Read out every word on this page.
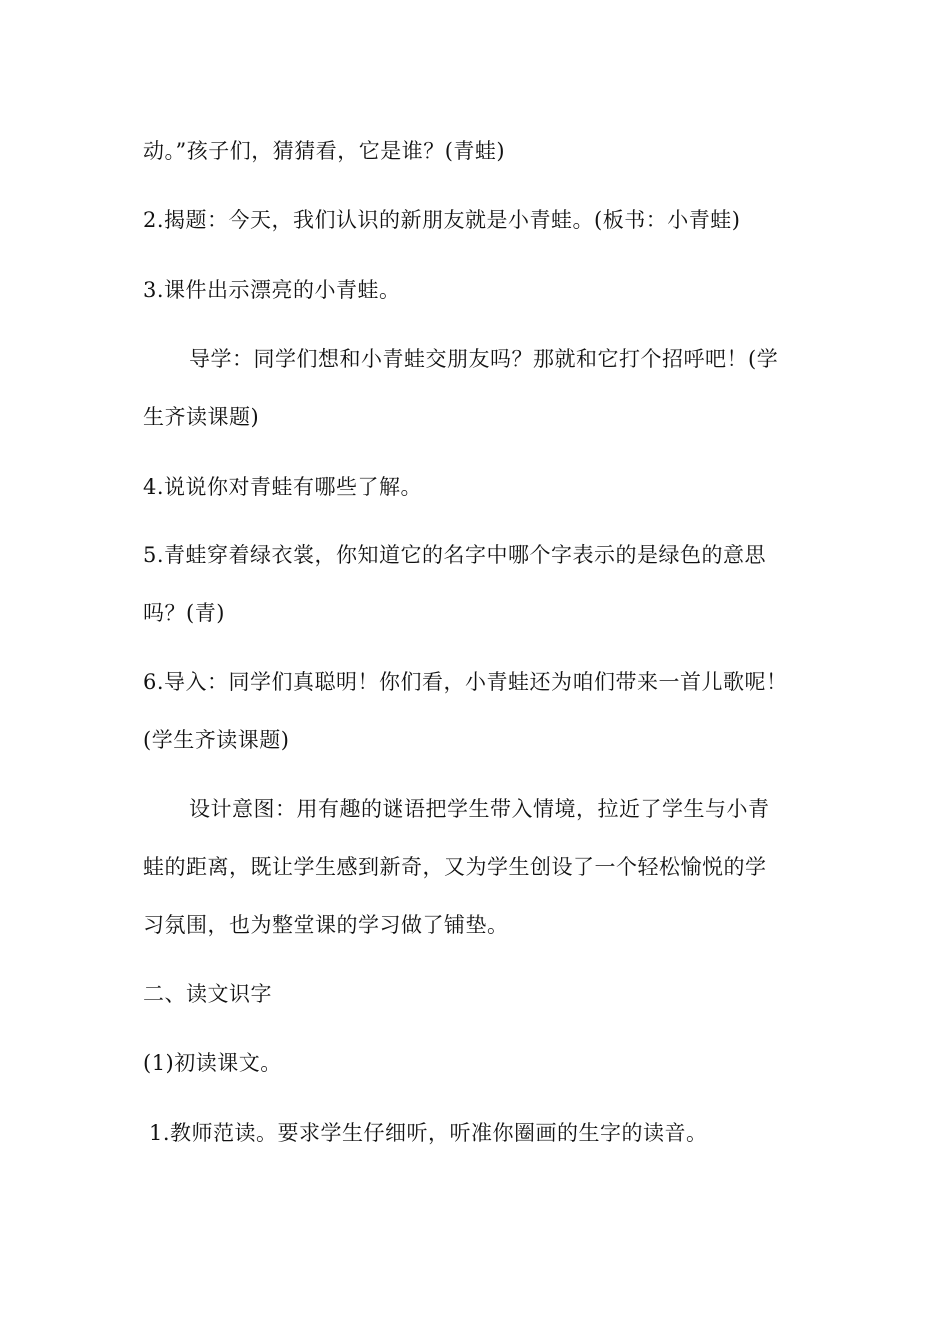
动。”孩子们，猜猜看，它是谁？(青蛙)
2.揭题：今天，我们认识的新朋友就是小青蛙。(板书：小青蛙)
3.课件出示漂亮的小青蛙。
导学：同学们想和小青蛙交朋友吗？那就和它打个招呼吧！(学
生齐读课题)
4.说说你对青蛙有哪些了解。
5.青蛙穿着绿衣裳，你知道它的名字中哪个字表示的是绿色的意思
吗？(青)
6.导入：同学们真聪明！你们看，小青蛙还为咱们带来一首儿歌呢！
(学生齐读课题)
设计意图：用有趣的谜语把学生带入情境，拉近了学生与小青
蛙的距离，既让学生感到新奇，又为学生创设了一个轻松愉悦的学
习氛围，也为整堂课的学习做了铺垫。
二、读文识字
(1)初读课文。
1.教师范读。要求学生仔细听，听准你圈画的生字的读音。
